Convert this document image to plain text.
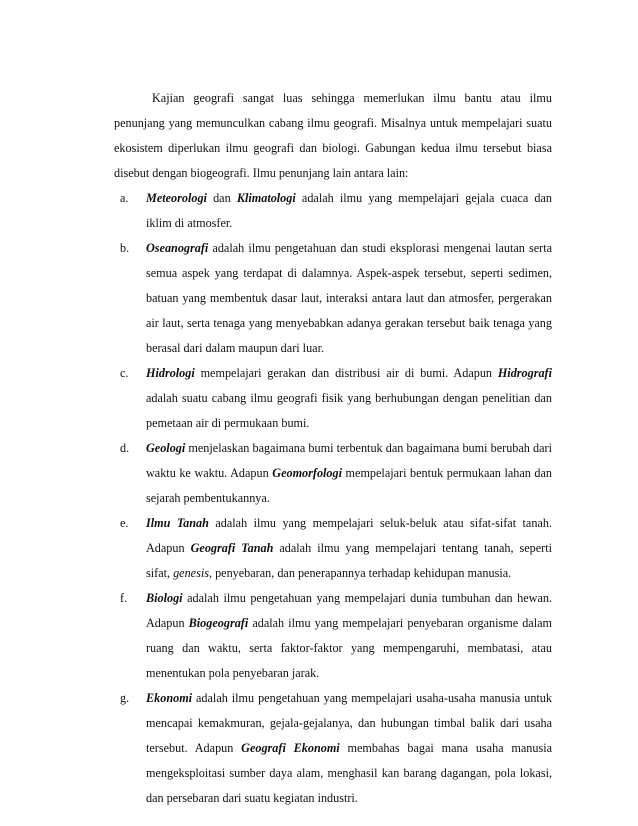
Kajian geografi sangat luas sehingga memerlukan ilmu bantu atau ilmu penunjang yang memunculkan cabang ilmu geografi. Misalnya untuk mempelajari suatu ekosistem diperlukan ilmu geografi dan biologi. Gabungan kedua ilmu tersebut biasa disebut dengan biogeografi. Ilmu penunjang lain antara lain:

a. Meteorologi dan Klimatologi adalah ilmu yang mempelajari gejala cuaca dan iklim di atmosfer.
b. Oseanografi adalah ilmu pengetahuan dan studi eksplorasi mengenai lautan serta semua aspek yang terdapat di dalamnya. Aspek-aspek tersebut, seperti sedimen, batuan yang membentuk dasar laut, interaksi antara laut dan atmosfer, pergerakan air laut, serta tenaga yang menyebabkan adanya gerakan tersebut baik tenaga yang berasal dari dalam maupun dari luar.
c. Hidrologi mempelajari gerakan dan distribusi air di bumi. Adapun Hidrografi adalah suatu cabang ilmu geografi fisik yang berhubungan dengan penelitian dan pemetaan air di permukaan bumi.
d. Geologi menjelaskan bagaimana bumi terbentuk dan bagaimana bumi berubah dari waktu ke waktu. Adapun Geomorfologi mempelajari bentuk permukaan lahan dan sejarah pembentukannya.
e. Ilmu Tanah adalah ilmu yang mempelajari seluk-beluk atau sifat-sifat tanah. Adapun Geografi Tanah adalah ilmu yang mempelajari tentang tanah, seperti sifat, genesis, penyebaran, dan penerapannya terhadap kehidupan manusia.
f. Biologi adalah ilmu pengetahuan yang mempelajari dunia tumbuhan dan hewan. Adapun Biogeografi adalah ilmu yang mempelajari penyebaran organisme dalam ruang dan waktu, serta faktor-faktor yang mempengaruhi, membatasi, atau menentukan pola penyebaran jarak.
g. Ekonomi adalah ilmu pengetahuan yang mempelajari usaha-usaha manusia untuk mencapai kemakmuran, gejala-gejalanya, dan hubungan timbal balik dari usaha tersebut. Adapun Geografi Ekonomi membahas bagai mana usaha manusia mengeksploitasi sumber daya alam, menghasil kan barang dagangan, pola lokasi, dan persebaran dari suatu kegiatan industri.
